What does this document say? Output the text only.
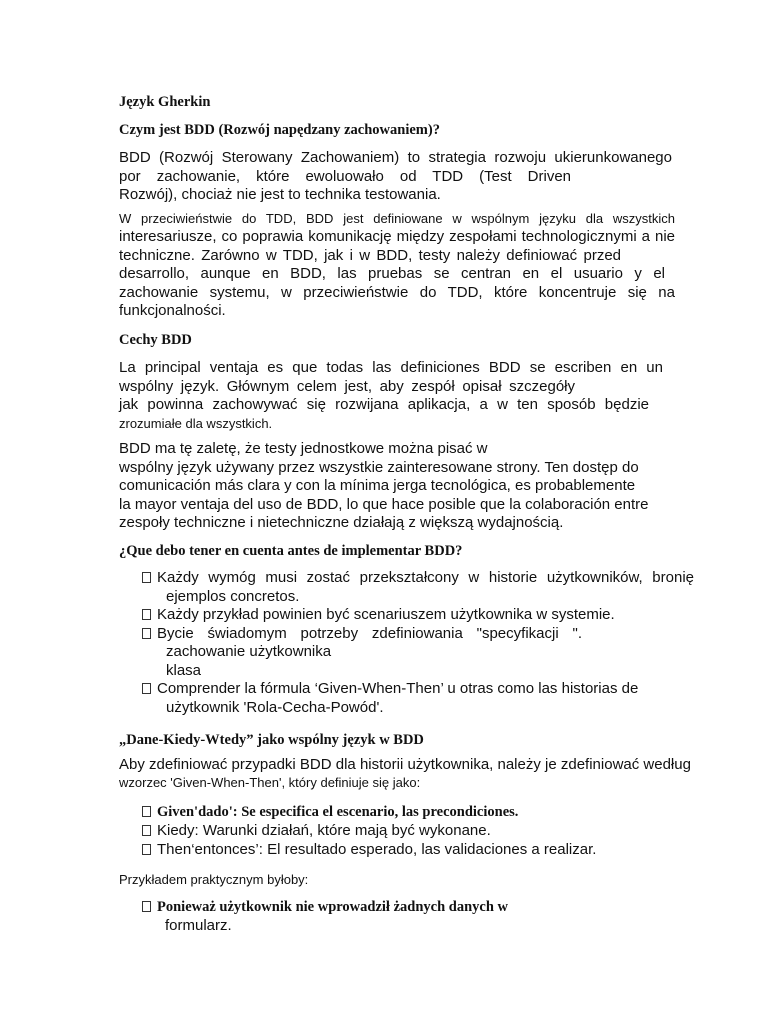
Język Gherkin

Czym jest BDD (Rozwój napędzany zachowaniem)?

BDD (Rozwój Sterowany Zachowaniem) to strategia rozwoju ukierunkowanego
por zachowanie, które ewoluowało od TDD (Test Driven
Rozwój), chociaż nie jest to technika testowania.

W przeciwieństwie do TDD, BDD jest definiowane w wspólnym języku dla wszystkich
interesariusze, co poprawia komunikację między zespołami technologicznymi a nie
techniczne. Zarówno w TDD, jak i w BDD, testy należy definiować przed
desarrollo, aunque en BDD, las pruebas se centran en el usuario y el
zachowanie systemu, w przeciwieństwie do TDD, które koncentruje się na
funkcjonalności.

Cechy BDD

La principal ventaja es que todas las definiciones BDD se escriben en un
wspólny język. Głównym celem jest, aby zespół opisał szczegóły
jak powinna zachowywać się rozwijana aplikacja, a w ten sposób będzie
zrozumiałe dla wszystkich.

BDD ma tę zaletę, że testy jednostkowe można pisać w
wspólny język używany przez wszystkie zainteresowane strony. Ten dostęp do
comunicación más clara y con la mínima jerga tecnológica, es probablemente
la mayor ventaja del uso de BDD, lo que hace posible que la colaboración entre
zespoły techniczne i nietechniczne działają z większą wydajnością.

¿Que debo tener en cuenta antes de implementar BDD?

Każdy wymóg musi zostać przekształcony w historie użytkowników, bronię
ejemplos concretos.
Każdy przykład powinien być scenariuszem użytkownika w systemie.
Bycie świadomym potrzeby zdefiniowania "specyfikacji ".
zachowanie użytkownika
klasa
Comprender la fórmula ‘Given-When-Then’ u otras como las historias de
użytkownik 'Rola-Cecha-Powód'.

„Dane-Kiedy-Wtedy” jako wspólny język w BDD

Aby zdefiniować przypadki BDD dla historii użytkownika, należy je zdefiniować według
wzorzec 'Given-When-Then', który definiuje się jako:

Given'dado': Se especifica el escenario, las precondiciones.
Kiedy: Warunki działań, które mają być wykonane.
Then‘entonces’: El resultado esperado, las validaciones a realizar.

Przykładem praktycznym byłoby:

Ponieważ użytkownik nie wprowadził żadnych danych w
formularz.
